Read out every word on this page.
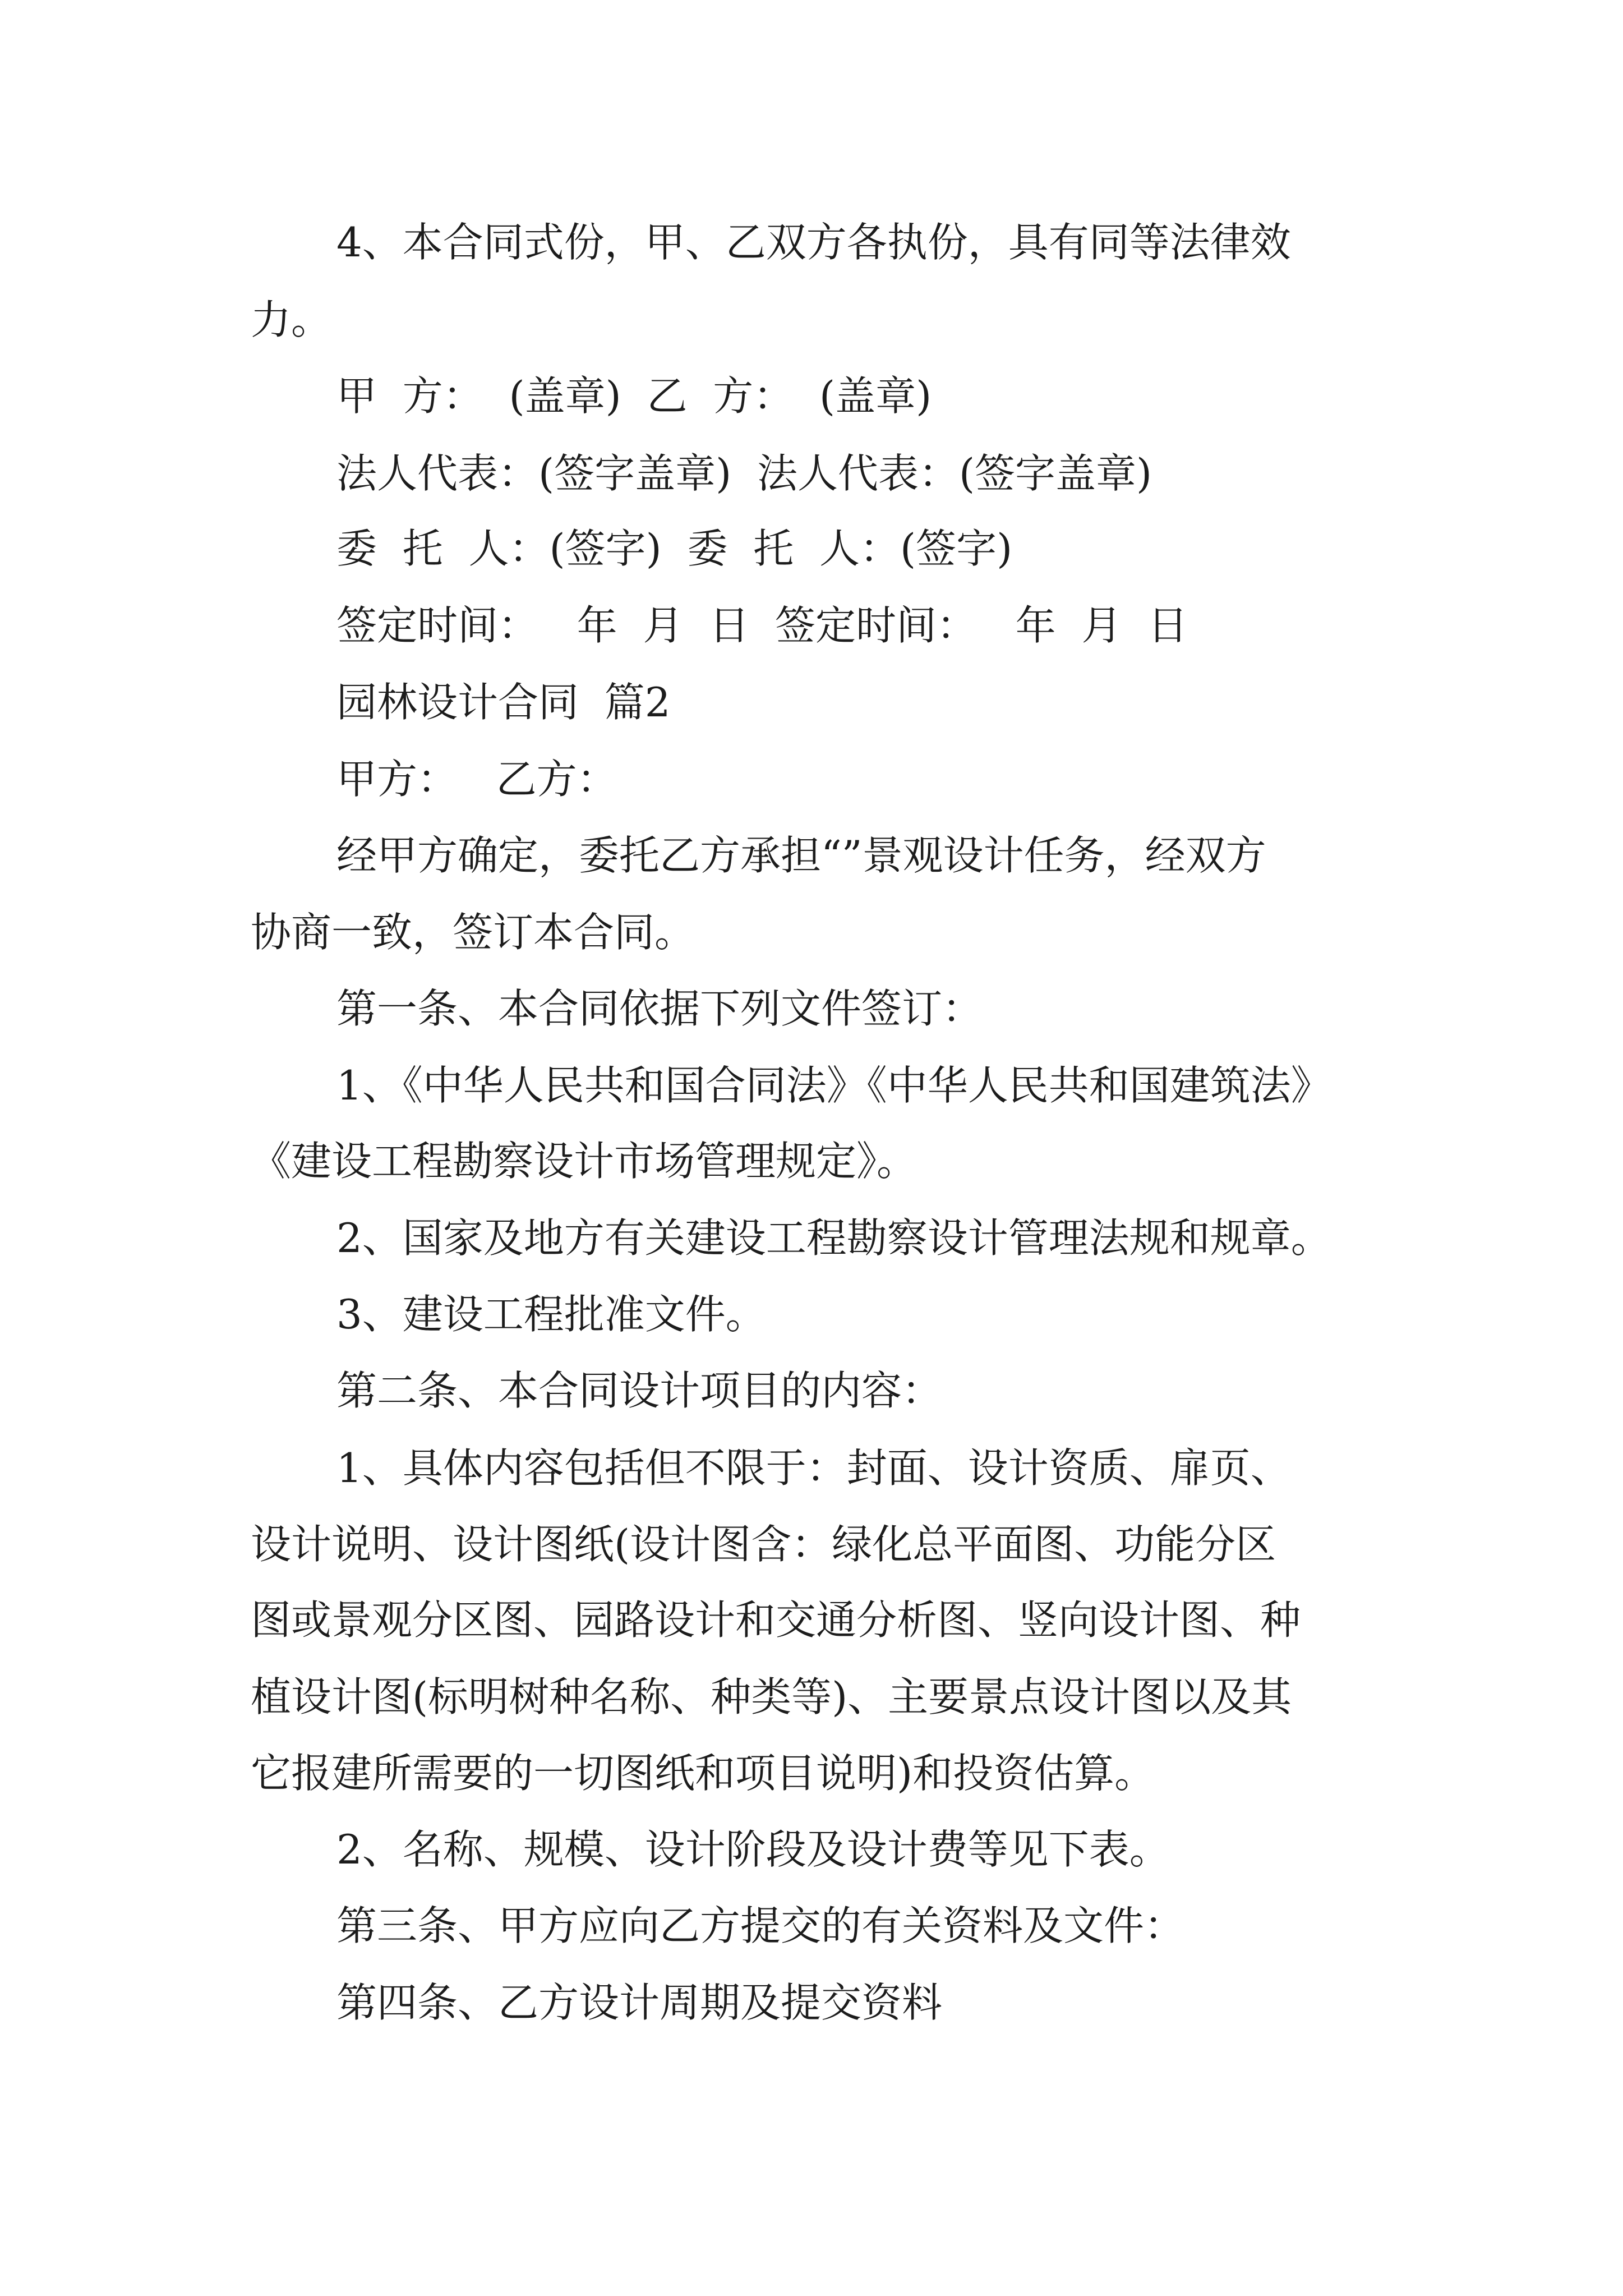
4、本合同式份，甲、乙双方各执份，具有同等法律效
力。
甲  方：  (盖章)  乙  方：  (盖章)
法人代表：(签字盖章)  法人代表：(签字盖章)
委  托  人：(签字)  委  托  人：(签字)
签定时间：   年  月  日  签定时间：   年  月  日
园林设计合同  篇2
甲方：   乙方：
经甲方确定，委托乙方承担“”景观设计任务，经双方
协商一致，签订本合同。
第一条、本合同依据下列文件签订：
1、《中华人民共和国合同法》《中华人民共和国建筑法》
《建设工程勘察设计市场管理规定》。
2、国家及地方有关建设工程勘察设计管理法规和规章。
3、建设工程批准文件。
第二条、本合同设计项目的内容：
1、具体内容包括但不限于：封面、设计资质、扉页、
设计说明、设计图纸(设计图含：绿化总平面图、功能分区
图或景观分区图、园路设计和交通分析图、竖向设计图、种
植设计图(标明树种名称、种类等)、主要景点设计图以及其
它报建所需要的一切图纸和项目说明)和投资估算。
2、名称、规模、设计阶段及设计费等见下表。
第三条、甲方应向乙方提交的有关资料及文件：
第四条、乙方设计周期及提交资料
